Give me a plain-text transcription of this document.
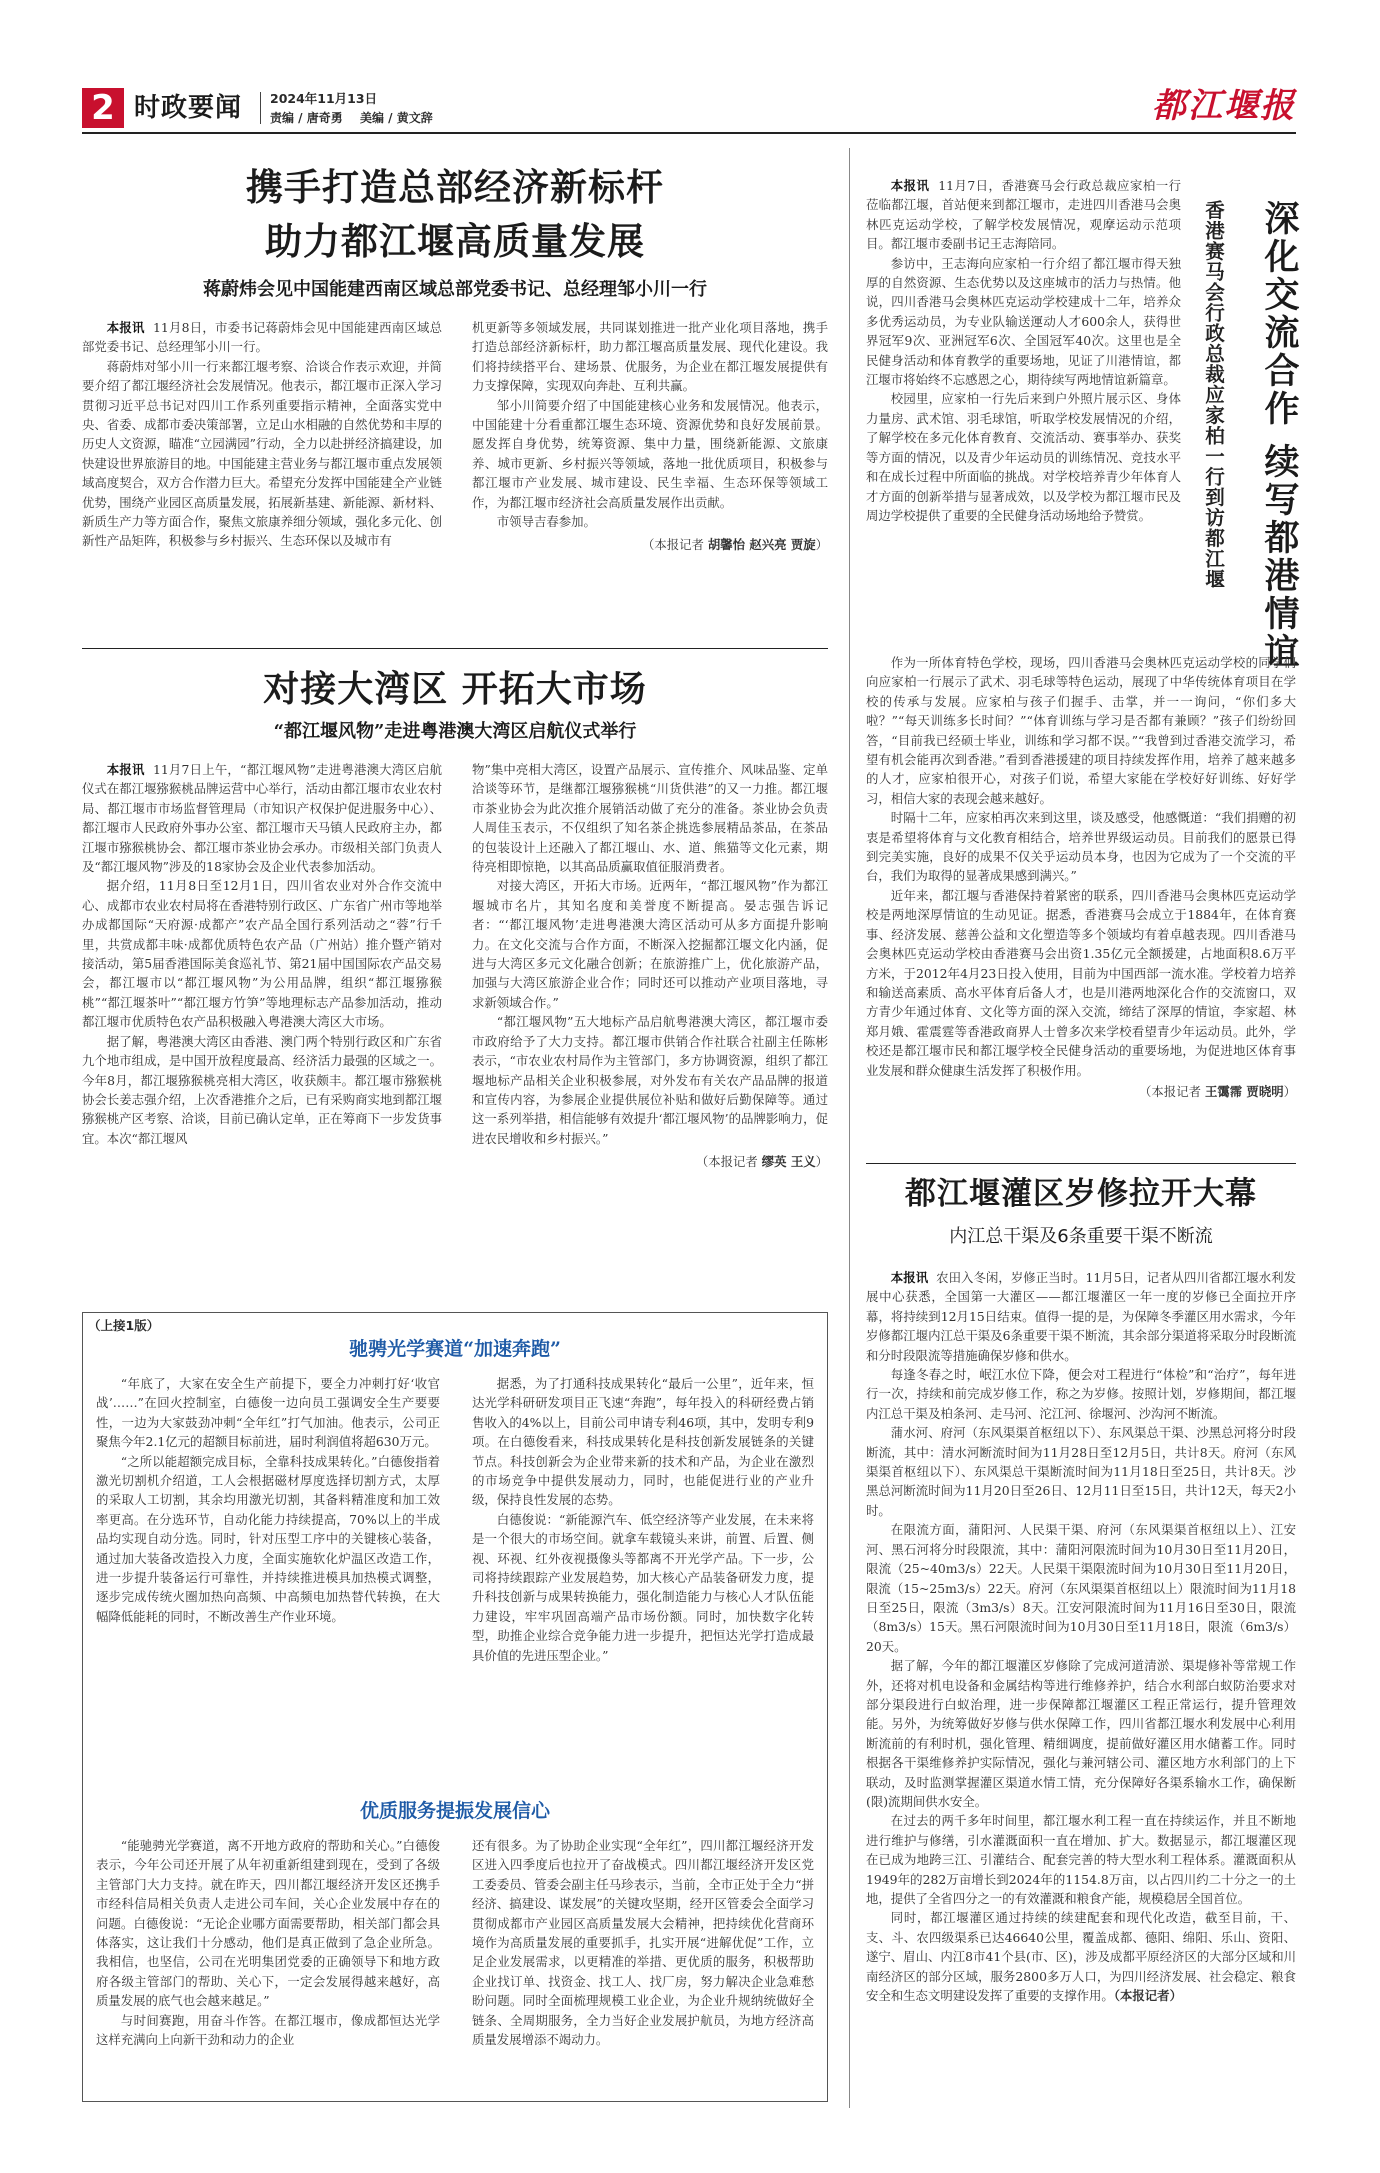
2 时政要闻 2024年11月13日
责编 / 唐奇勇 美编 / 黄文辞	都江堰报
携手打造总部经济新标杆
助力都江堰高质量发展
蒋蔚炜会见中国能建西南区域总部党委书记、总经理邹小川一行

本报讯 11月8日，市委书记蒋蔚炜会见中国能建西南区域总部党委书记、总经理邹小川一行。

蒋蔚炜对邹小川一行来都江堰考察、洽谈合作表示欢迎，并简要介绍了都江堰经济社会发展情况。他表示，都江堰市正深入学习贯彻习近平总书记对四川工作系列重要指示精神，全面落实党中央、省委、成都市委决策部署，立足山水相融的自然优势和丰厚的历史人文资源，瞄准“立园满园”行动，全力以赴拼经济搞建设，加快建设世界旅游目的地。中国能建主营业务与都江堰市重点发展领域高度契合，双方合作潜力巨大。希望充分发挥中国能建全产业链优势，围绕产业园区高质量发展，拓展新基建、新能源、新材料、新质生产力等方面合作，聚焦文旅康养细分领域，强化多元化、创新性产品矩阵，积极参与乡村振兴、生态环保以及城市有

机更新等多领域发展，共同谋划推进一批产业化项目落地，携手打造总部经济新标杆，助力都江堰高质量发展、现代化建设。我们将持续搭平台、建场景、优服务，为企业在都江堰发展提供有力支撑保障，实现双向奔赴、互利共赢。

邹小川简要介绍了中国能建核心业务和发展情况。他表示，中国能建十分看重都江堰生态环境、资源优势和良好发展前景。愿发挥自身优势，统筹资源、集中力量，围绕新能源、文旅康养、城市更新、乡村振兴等领域，落地一批优质项目，积极参与都江堰市产业发展、城市建设、民生幸福、生态环保等领域工作，为都江堰市经济社会高质量发展作出贡献。

市领导吉春参加。

（本报记者 胡馨怡 赵兴亮 贾旋）

对接大湾区 开拓大市场
“都江堰风物”走进粤港澳大湾区启航仪式举行

本报讯 11月7日上午，“都江堰风物”走进粤港澳大湾区启航仪式在都江堰猕猴桃品牌运营中心举行，活动由都江堰市农业农村局、都江堰市市场监督管理局（市知识产权保护促进服务中心）、都江堰市人民政府外事办公室、都江堰市天马镇人民政府主办，都江堰市猕猴桃协会、都江堰市茶业协会承办。市级相关部门负责人及“都江堰风物”涉及的18家协会及企业代表参加活动。

据介绍，11月8日至12月1日，四川省农业对外合作交流中心、成都市农业农村局将在香港特别行政区、广东省广州市等地举办成都国际“天府源·成都产”农产品全国行系列活动之“蓉”行千里，共赏成都丰味·成都优质特色农产品（广州站）推介暨产销对接活动，第5届香港国际美食巡礼节、第21届中国国际农产品交易会，都江堰市以“都江堰风物”为公用品牌，组织“都江堰猕猴桃”“都江堰茶叶”“都江堰方竹笋”等地理标志产品参加活动，推动都江堰市优质特色农产品积极融入粤港澳大湾区大市场。

据了解，粤港澳大湾区由香港、澳门两个特别行政区和广东省九个地市组成，是中国开放程度最高、经济活力最强的区域之一。今年8月，都江堰猕猴桃亮相大湾区，收获颇丰。都江堰市猕猴桃协会长姜志强介绍，上次香港推介之后，已有采购商实地到都江堰猕猴桃产区考察、洽谈，目前已确认定单，正在筹商下一步发货事宜。本次“都江堰风

物”集中亮相大湾区，设置产品展示、宣传推介、风味品鉴、定单洽谈等环节，是继都江堰猕猴桃“川货供港”的又一力推。都江堰市茶业协会为此次推介展销活动做了充分的准备。茶业协会负责人周佳玉表示，不仅组织了知名茶企挑选参展精品茶品，在茶品的包装设计上还融入了都江堰山、水、道、熊猫等文化元素，期待亮相即惊艳，以其高品质赢取值征服消费者。

对接大湾区，开拓大市场。近两年，“都江堰风物”作为都江堰城市名片，其知名度和美誉度不断提高。晏志强告诉记者：“‘都江堰风物’走进粤港澳大湾区活动可从多方面提升影响力。在文化交流与合作方面，不断深入挖掘都江堰文化内涵，促进与大湾区多元文化融合创新；在旅游推广上，优化旅游产品，加强与大湾区旅游企业合作；同时还可以推动产业项目落地，寻求新领域合作。”

“都江堰风物”五大地标产品启航粤港澳大湾区，都江堰市委市政府给予了大力支持。都江堰市供销合作社联合社副主任陈彬表示，“市农业农村局作为主管部门，多方协调资源，组织了都江堰地标产品相关企业积极参展，对外发布有关农产品品牌的报道和宣传内容，为参展企业提供展位补贴和做好后勤保障等。通过这一系列举措，相信能够有效提升‘都江堰风物’的品牌影响力，促进农民增收和乡村振兴。”

（本报记者 缪英 王义）

本报讯 11月7日，香港赛马会行政总裁应家柏一行莅临都江堰，首站便来到都江堰市，走进四川香港马会奥林匹克运动学校，了解学校发展情况，观摩运动示范项目。都江堰市委副书记王志海陪同。

参访中，王志海向应家柏一行介绍了都江堰市得天独厚的自然资源、生态优势以及这座城市的活力与热情。他说，四川香港马会奥林匹克运动学校建成十二年，培养众多优秀运动员，为专业队输送運动人才600余人，获得世界冠军9次、亚洲冠军6次、全国冠军40次。这里也是全民健身活动和体育教学的重要场地，见证了川港情谊，都江堰市将始终不忘感恩之心，期待续写两地情谊新篇章。

校园里，应家柏一行先后来到户外照片展示区、身体力量房、武术馆、羽毛球馆，听取学校发展情况的介绍，了解学校在多元化体育教育、交流活动、赛事举办、获奖等方面的情况，以及青少年运动员的训练情况、竞技水平和在成长过程中所面临的挑战。对学校培养青少年体育人才方面的创新举措与显著成效，以及学校为都江堰市民及周边学校提供了重要的全民健身活动场地给予赞赏。	深化交流合作 续写都港情谊
香港赛马会行政总裁应家柏一行到访都江堰

作为一所体育特色学校，现场，四川香港马会奥林匹克运动学校的同学们向应家柏一行展示了武术、羽毛球等特色运动，展现了中华传统体育项目在学校的传承与发展。应家柏与孩子们握手、击掌，并一一询问，“你们多大啦？”“每天训练多长时间？”“体育训练与学习是否都有兼顾？”孩子们纷纷回答，“目前我已经硕士毕业，训练和学习都不误。”“我曾到过香港交流学习，希望有机会能再次到香港。”看到香港援建的项目持续发挥作用，培养了越来越多的人才，应家柏很开心，对孩子们说，希望大家能在学校好好训练、好好学习，相信大家的表现会越来越好。

时隔十二年，应家柏再次来到这里，谈及感受，他感慨道：“我们捐赠的初衷是希望将体育与文化教育相结合，培养世界级运动员。目前我们的愿景已得到完美实施，良好的成果不仅关乎运动员本身，也因为它成为了一个交流的平台，我们为取得的显著成果感到满兴。”

近年来，都江堰与香港保持着紧密的联系，四川香港马会奥林匹克运动学校是两地深厚情谊的生动见证。据悉，香港赛马会成立于1884年，在体育赛事、经济发展、慈善公益和文化塑造等多个领域均有着卓越表现。四川香港马会奥林匹克运动学校由香港赛马会出资1.35亿元全额援建，占地面积8.6万平方米，于2012年4月23日投入使用，目前为中国西部一流水准。学校着力培养和输送高素质、高水平体育后备人才，也是川港两地深化合作的交流窗口，双方青少年通过体育、文化等方面的深入交流，缔结了深厚的情谊，李家超、林郑月娥、霍震霆等香港政商界人士曾多次来学校看望青少年运动员。此外，学校还是都江堰市民和都江堰学校全民健身活动的重要场地，为促进地区体育事业发展和群众健康生活发挥了积极作用。

（本报记者 王霭霈 贾晓明）

都江堰灌区岁修拉开大幕
内江总干渠及6条重要干渠不断流

本报讯 农田入冬闲，岁修正当时。11月5日，记者从四川省都江堰水利发展中心获悉，全国第一大灌区——都江堰灌区一年一度的岁修已全面拉开序幕，将持续到12月15日结束。值得一提的是，为保障冬季灌区用水需求，今年岁修都江堰内江总干渠及6条重要干渠不断流，其余部分渠道将采取分时段断流和分时段限流等措施确保岁修和供水。

每逢冬春之时，岷江水位下降，便会对工程进行“体检”和“治疗”，每年进行一次，持续和前完成岁修工作，称之为岁修。按照计划，岁修期间，都江堰内江总干渠及柏条河、走马河、沱江河、徐堰河、沙沟河不断流。

蒲水河、府河（东风渠渠首枢纽以下）、东风渠总干渠、沙黑总河将分时段断流，其中：清水河断流时间为11月28日至12月5日，共计8天。府河（东风渠渠首枢纽以下）、东风渠总干渠断流时间为11月18日至25日，共计8天。沙黑总河断流时间为11月20日至26日、12月11日至15日，共计12天，每天2小时。

在限流方面，蒲阳河、人民渠干渠、府河（东风渠渠首枢纽以上）、江安河、黑石河将分时段限流，其中：蒲阳河限流时间为10月30日至11月20日，限流（25~40m3/s）22天。人民渠干渠限流时间为10月30日至11月20日，限流（15~25m3/s）22天。府河（东风渠渠首枢纽以上）限流时间为11月18日至25日，限流（3m3/s）8天。江安河限流时间为11月16日至30日，限流（8m3/s）15天。黑石河限流时间为10月30日至11月18日，限流（6m3/s）20天。

据了解，今年的都江堰灌区岁修除了完成河道清淤、渠堤修补等常规工作外，还将对机电设备和金属结构等进行维修养护，结合水利部白蚁防治要求对部分渠段进行白蚁治理，进一步保障都江堰灌区工程正常运行，提升管理效能。另外，为统筹做好岁修与供水保障工作，四川省都江堰水利发展中心利用断流前的有利时机，强化管理、精细调度，提前做好灌区用水储蓄工作。同时根据各干渠维修养护实际情况，强化与兼河辖公司、灌区地方水利部门的上下联动，及时监测掌握灌区渠道水情工情，充分保障好各渠系输水工作，确保断(限)流期间供水安全。

在过去的两千多年时间里，都江堰水利工程一直在持续运作，并且不断地进行维护与修缮，引水灌溉面积一直在增加、扩大。数据显示，都江堰灌区现在已成为地跨三江、引灌结合、配套完善的特大型水利工程体系。灌溉面积从1949年的282万亩增长到2024年的1154.8万亩，以占四川约二十分之一的土地，提供了全省四分之一的有效灌溉和粮食产能，规模稳居全国首位。

同时，都江堰灌区通过持续的续建配套和现代化改造，截至目前，干、支、斗、农四级渠系已达46640公里，覆盖成都、德阳、绵阳、乐山、资阳、遂宁、眉山、内江8市41个县(市、区)，涉及成都平原经济区的大部分区域和川南经济区的部分区域，服务2800多万人口，为四川经济发展、社会稳定、粮食安全和生态文明建设发挥了重要的支撑作用。（本报记者）

（上接1版）
驰骋光学赛道“加速奔跑”

“年底了，大家在安全生产前提下，要全力冲刺打好‘收官战’……”在回火控制室，白德俊一边向员工强调安全生产要要性，一边为大家鼓劲冲刺“全年红”打气加油。他表示，公司正聚焦今年2.1亿元的超额目标前进，届时利润值将超630万元。

“之所以能超额完成目标，全靠科技成果转化。”白德俊指着激光切割机介绍道，工人会根据磁材厚度选择切割方式，太厚的采取人工切割，其余均用激光切割，其备料精准度和加工效率更高。在分选环节，自动化能力持续提高，70%以上的半成品均实现自动分选。同时，针对压型工序中的关键核心装备，通过加大装备改造投入力度，全面实施软化炉温区改造工作，进一步提升装备运行可靠性，并持续推进模具加热模式调整，逐步完成传统火圈加热向高频、中高频电加热替代转换，在大幅降低能耗的同时，不断改善生产作业环境。

据悉，为了打通科技成果转化“最后一公里”，近年来，恒达光学科研研发项目正飞速“奔跑”，每年投入的科研经费占销售收入的4%以上，目前公司申请专利46项，其中，发明专利9项。在白德俊看来，科技成果转化是科技创新发展链条的关键节点。科技创新会为企业带来新的技术和产品，为企业在激烈的市场竞争中提供发展动力，同时，也能促进行业的产业升级，保持良性发展的态势。

白德俊说：“新能源汽车、低空经济等产业发展，在未来将是一个很大的市场空间。就拿车载镜头来讲，前置、后置、侧视、环视、红外夜视摄像头等都离不开光学产品。下一步，公司将持续跟踪产业发展趋势，加大核心产品装备研发力度，提升科技创新与成果转换能力，强化制造能力与核心人才队伍能力建设，牢牢巩固高端产品市场份额。同时，加快数字化转型，助推企业综合竞争能力进一步提升，把恒达光学打造成最具价值的先进压型企业。”

优质服务提振发展信心

“能驰骋光学赛道，离不开地方政府的帮助和关心。”白德俊表示，今年公司还开展了从年初重新组建到现在，受到了各级主管部门大力支持。就在昨天，四川都江堰经济开发区还携手市经科信局相关负责人走进公司车间，关心企业发展中存在的问题。白德俊说：“无论企业哪方面需要帮助，相关部门都会具体落实，这让我们十分感动，他们是真正做到了急企业所急。我相信，也坚信，公司在光明集团党委的正确领导下和地方政府各级主管部门的帮助、关心下，一定会发展得越来越好，高质量发展的底气也会越来越足。”

与时间赛跑，用奋斗作答。在都江堰市，像成都恒达光学这样充满向上向新干劲和动力的企业

还有很多。为了协助企业实现“全年红”，四川都江堰经济开发区进入四季度后也拉开了奋战模式。四川都江堰经济开发区党工委委员、管委会副主任马珍表示，当前，全市正处于全力“拼经济、搞建设、谋发展”的关键攻坚期，经开区管委会全面学习贯彻成都市产业园区高质量发展大会精神，把持续优化营商环境作为高质量发展的重要抓手，扎实开展“进解优促”工作，立足企业发展需求，以更精准的举措、更优质的服务，积极帮助企业找订单、找资金、找工人、找厂房，努力解决企业急难愁盼问题。同时全面梳理规模工业企业，为企业升规纳统做好全链条、全周期服务，全力当好企业发展护航员，为地方经济高质量发展增添不竭动力。
